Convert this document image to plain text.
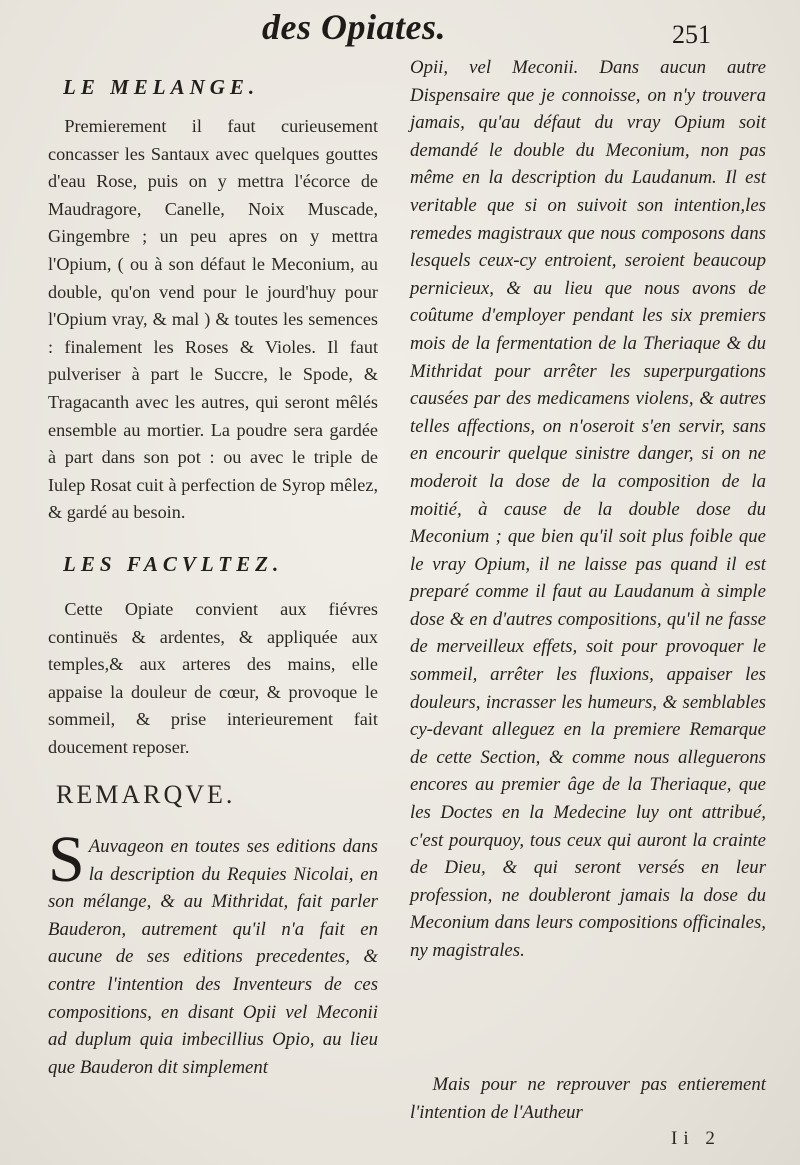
des Opiates.	251
LE MELANGE.

Premierement il faut curieusement concasser les Santaux avec quelques gouttes d'eau Rose, puis on y mettra l'écorce de Maudragore, Canelle, Noix Muscade, Gingembre ; un peu apres on y mettra l'Opium, ( ou à son défaut le Meconium, au double, qu'on vend pour le jourd'huy pour l'Opium vray, & mal ) & toutes les semences : finalement les Roses & Violes. Il faut pulveriser à part le Succre, le Spode, & Tragacanth avec les autres, qui seront mêlés ensemble au mortier. La poudre sera gardée à part dans son pot : ou avec le triple de Iulep Rosat cuit à perfection de Syrop mêlez, & gardé au besoin.

LES FACVLTEZ.

Cette Opiate convient aux fiévres continuës & ardentes, & appliquée aux temples,& aux arteres des mains, elle appaise la douleur de cœur, & provoque le sommeil, & prise interieurement fait doucement reposer.

REMARQVE.

S Auvageon en toutes ses editions dans la description du Requies Nicolai, en son mélange, & au Mithridat, fait parler Bauderon, autrement qu'il n'a fait en aucune de ses editions precedentes, & contre l'intention des Inventeurs de ces compositions, en disant Opii vel Meconii ad duplum quia imbecillius Opio, au lieu que Bauderon dit simplement

Opii, vel Meconii. Dans aucun autre Dispensaire que je connoisse, on n'y trouvera jamais, qu'au défaut du vray Opium soit demandé le double du Meconium, non pas même en la description du Laudanum. Il est veritable que si on suivoit son intention,les remedes magistraux que nous composons dans lesquels ceux-cy entroient, seroient beaucoup pernicieux, & au lieu que nous avons de coûtume d'employer pendant les six premiers mois de la fermentation de la Theriaque & du Mithridat pour arrêter les superpurgations causées par des medicamens violens, & autres telles affections, on n'oseroit s'en servir, sans en encourir quelque sinistre danger, si on ne moderoit la dose de la composition de la moitié, à cause de la double dose du Meconium ; que bien qu'il soit plus foible que le vray Opium, il ne laisse pas quand il est preparé comme il faut au Laudanum à simple dose & en d'autres compositions, qu'il ne fasse de merveilleux effets, soit pour provoquer le sommeil, arrêter les fluxions, appaiser les douleurs, incrasser les humeurs, & semblables cy-devant alleguez en la premiere Remarque de cette Section, & comme nous alleguerons encores au premier âge de la Theriaque, que les Doctes en la Medecine luy ont attribué, c'est pourquoy, tous ceux qui auront la crainte de Dieu, & qui seront versés en leur profession, ne doubleront jamais la dose du Meconium dans leurs compositions officinales, ny magistrales.

Mais pour ne reprouver pas entierement l'intention de l'Autheur

Ii 2
